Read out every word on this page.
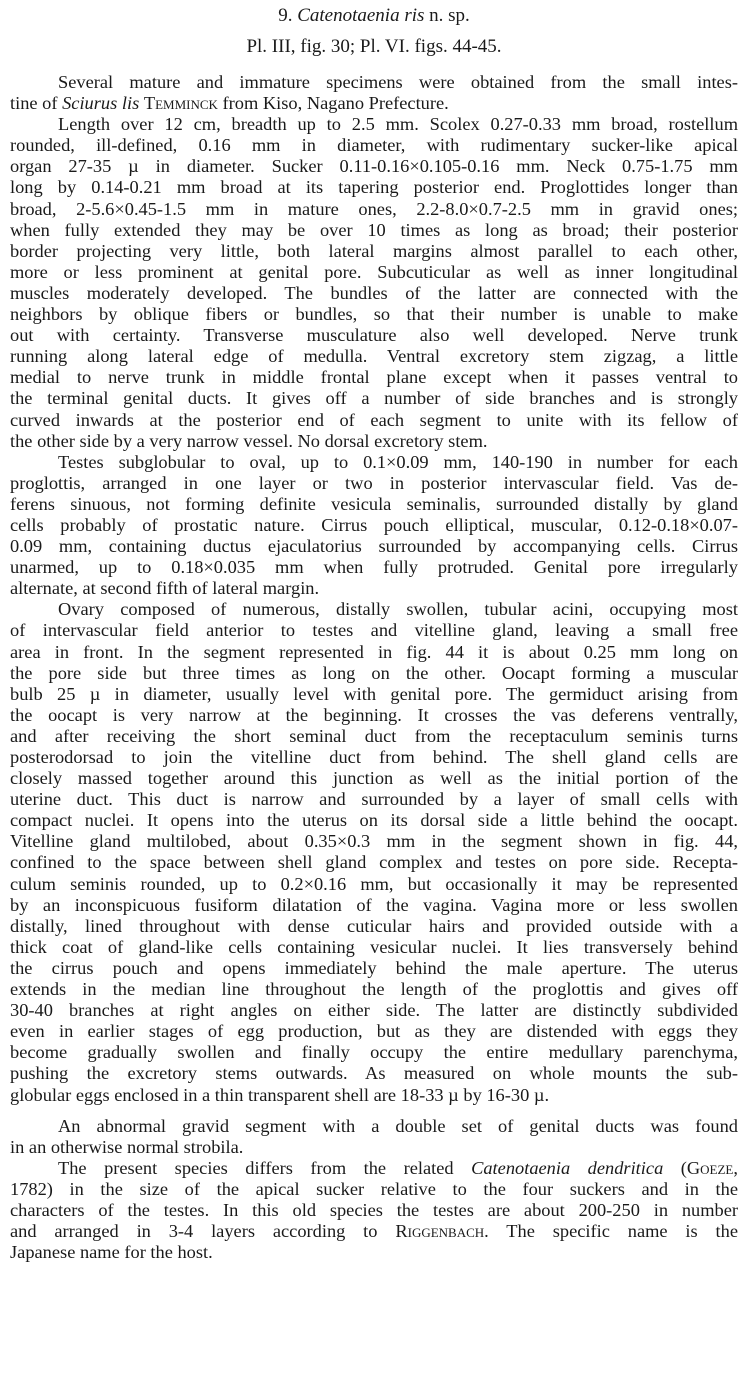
9. Catenotaenia ris n. sp.
Pl. III, fig. 30; Pl. VI. figs. 44-45.
Several mature and immature specimens were obtained from the small intes-
tine of Sciurus lis Temminck from Kiso, Nagano Prefecture.
Length over 12 cm, breadth up to 2.5 mm. Scolex 0.27-0.33 mm broad, rostellum
rounded, ill-defined, 0.16 mm in diameter, with rudimentary sucker-like apical
organ 27-35 µ in diameter. Sucker 0.11-0.16×0.105-0.16 mm. Neck 0.75-1.75 mm
long by 0.14-0.21 mm broad at its tapering posterior end. Proglottides longer than
broad, 2-5.6×0.45-1.5 mm in mature ones, 2.2-8.0×0.7-2.5 mm in gravid ones;
when fully extended they may be over 10 times as long as broad; their posterior
border projecting very little, both lateral margins almost parallel to each other,
more or less prominent at genital pore. Subcuticular as well as inner longitudinal
muscles moderately developed. The bundles of the latter are connected with the
neighbors by oblique fibers or bundles, so that their number is unable to make
out with certainty. Transverse musculature also well developed. Nerve trunk
running along lateral edge of medulla. Ventral excretory stem zigzag, a little
medial to nerve trunk in middle frontal plane except when it passes ventral to
the terminal genital ducts. It gives off a number of side branches and is strongly
curved inwards at the posterior end of each segment to unite with its fellow of
the other side by a very narrow vessel. No dorsal excretory stem.
Testes subglobular to oval, up to 0.1×0.09 mm, 140-190 in number for each
proglottis, arranged in one layer or two in posterior intervascular field. Vas de-
ferens sinuous, not forming definite vesicula seminalis, surrounded distally by gland
cells probably of prostatic nature. Cirrus pouch elliptical, muscular, 0.12-0.18×0.07-
0.09 mm, containing ductus ejaculatorius surrounded by accompanying cells. Cirrus
unarmed, up to 0.18×0.035 mm when fully protruded. Genital pore irregularly
alternate, at second fifth of lateral margin.
Ovary composed of numerous, distally swollen, tubular acini, occupying most
of intervascular field anterior to testes and vitelline gland, leaving a small free
area in front. In the segment represented in fig. 44 it is about 0.25 mm long on
the pore side but three times as long on the other. Oocapt forming a muscular
bulb 25 µ in diameter, usually level with genital pore. The germiduct arising from
the oocapt is very narrow at the beginning. It crosses the vas deferens ventrally,
and after receiving the short seminal duct from the receptaculum seminis turns
posterodorsad to join the vitelline duct from behind. The shell gland cells are
closely massed together around this junction as well as the initial portion of the
uterine duct. This duct is narrow and surrounded by a layer of small cells with
compact nuclei. It opens into the uterus on its dorsal side a little behind the oocapt.
Vitelline gland multilobed, about 0.35×0.3 mm in the segment shown in fig. 44,
confined to the space between shell gland complex and testes on pore side. Recepta-
culum seminis rounded, up to 0.2×0.16 mm, but occasionally it may be represented
by an inconspicuous fusiform dilatation of the vagina. Vagina more or less swollen
distally, lined throughout with dense cuticular hairs and provided outside with a
thick coat of gland-like cells containing vesicular nuclei. It lies transversely behind
the cirrus pouch and opens immediately behind the male aperture. The uterus
extends in the median line throughout the length of the proglottis and gives off
30-40 branches at right angles on either side. The latter are distinctly subdivided
even in earlier stages of egg production, but as they are distended with eggs they
become gradually swollen and finally occupy the entire medullary parenchyma,
pushing the excretory stems outwards. As measured on whole mounts the sub-
globular eggs enclosed in a thin transparent shell are 18-33 µ by 16-30 µ.
An abnormal gravid segment with a double set of genital ducts was found
in an otherwise normal strobila.
The present species differs from the related Catenotaenia dendritica (Goeze,
1782) in the size of the apical sucker relative to the four suckers and in the
characters of the testes. In this old species the testes are about 200-250 in number
and arranged in 3-4 layers according to Riggenbach. The specific name is the
Japanese name for the host.
